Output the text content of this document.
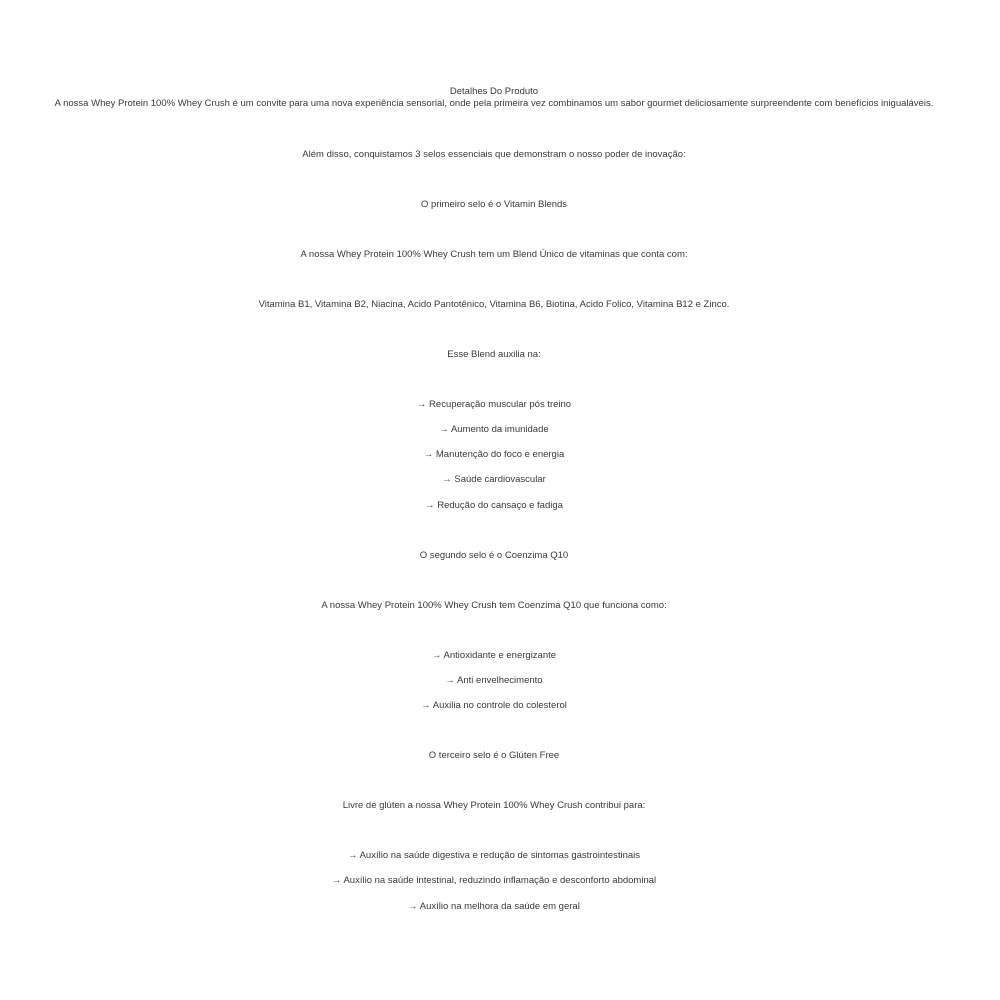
Detalhes Do Produto
A nossa Whey Protein 100% Whey Crush é um convite para uma nova experiência sensorial, onde pela primeira vez combinamos um sabor gourmet deliciosamente surpreendente com benefícios inigualáveis.
Além disso, conquistamos 3 selos essenciais que demonstram o nosso poder de inovação:
O primeiro selo é o Vitamin Blends
A nossa Whey Protein 100% Whey Crush tem um Blend Único de vitaminas que conta com:
Vitamina B1, Vitamina B2, Niacina, Acido Pantotênico, Vitamina B6, Biotina, Acido Folico, Vitamina B12 e Zinco.
Esse Blend auxilia na:
→ Recuperação muscular pós treino
→ Aumento da imunidade
→ Manutenção do foco e energia
→ Saúde cardiovascular
→ Redução do cansaço e fadiga
O segundo selo é o Coenzima Q10
A nossa Whey Protein 100% Whey Crush tem Coenzima Q10 que funciona como:
→ Antioxidante e energizante
→ Anti envelhecimento
→ Auxilia no controle do colesterol
O terceiro selo é o Glúten Free
Livre de glúten a nossa Whey Protein 100% Whey Crush contribui para:
→ Auxílio na saúde digestiva e redução de sintomas gastrointestinais
→ Auxílio na saúde intestinal, reduzindo inflamação e desconforto abdominal
→ Auxílio na melhora da saúde em geral
